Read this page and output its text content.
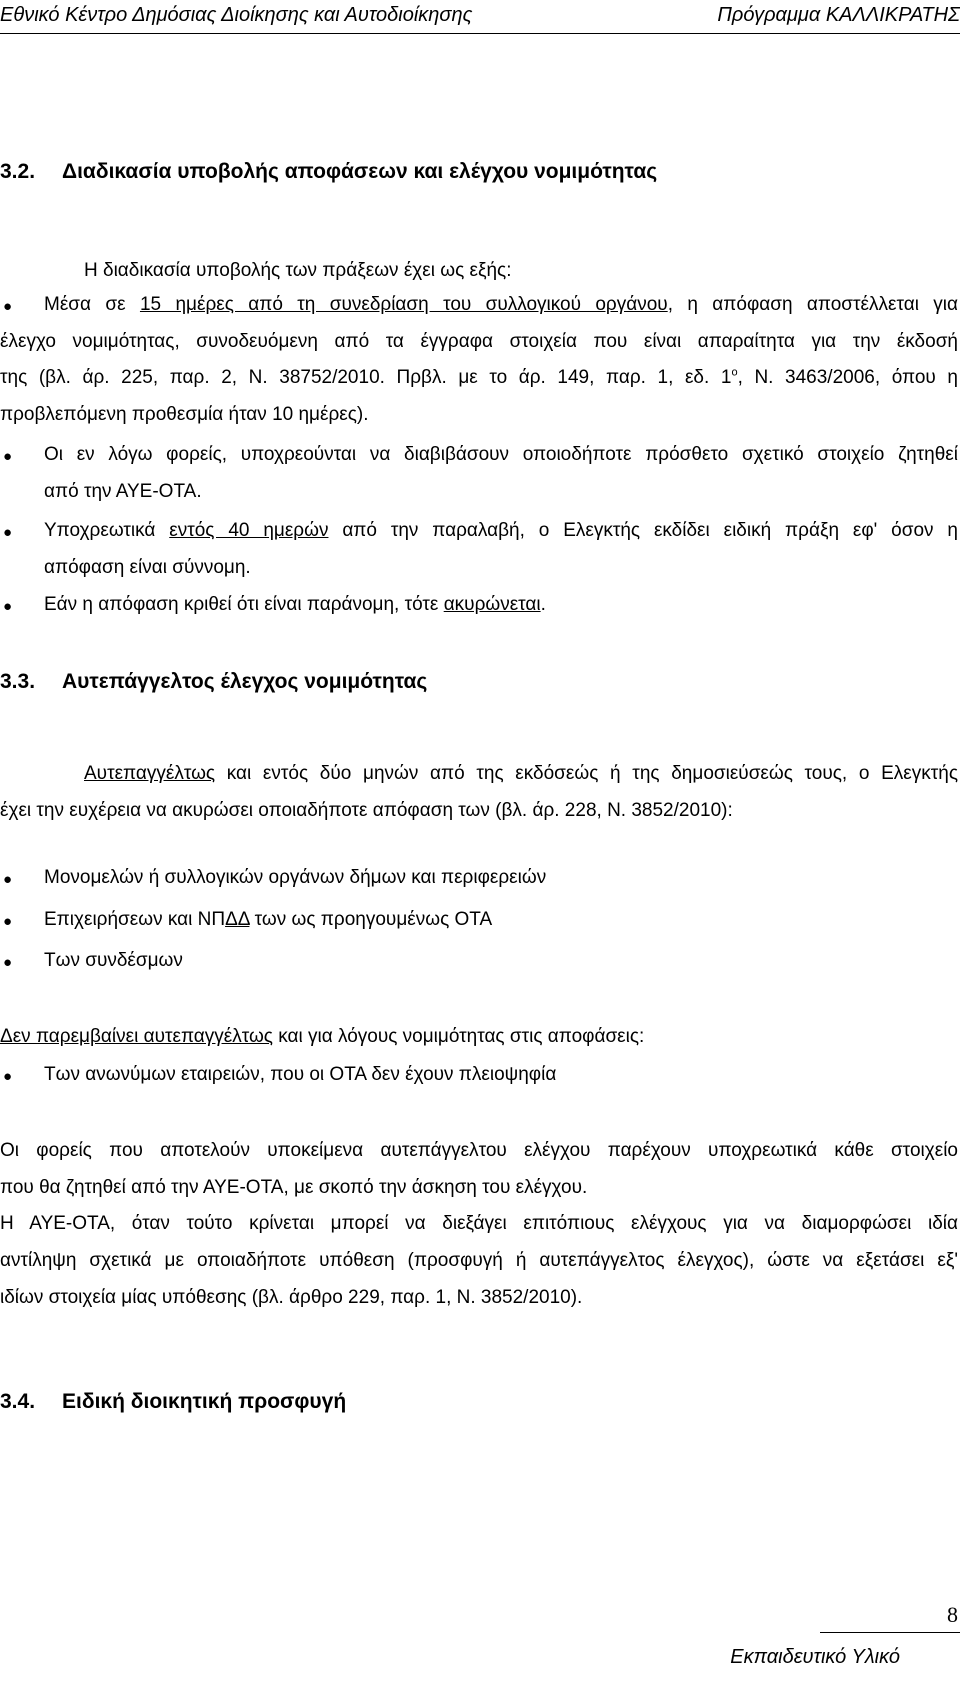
Εθνικό Κέντρο Δημόσιας Διοίκησης και Αυτοδιοίκησης	Πρόγραμμα ΚΑΛΛΙΚΡΑΤΗΣ
3.2. Διαδικασία υποβολής αποφάσεων και ελέγχου νομιμότητας
Η διαδικασία υποβολής των πράξεων έχει ως εξής:
● Μέσα σε 15 ημέρες από τη συνεδρίαση του συλλογικού οργάνου, η απόφαση αποστέλλεται για
έλεγχο νομιμότητας, συνοδευόμενη από τα έγγραφα στοιχεία που είναι απαραίτητα για την έκδοσή
της (βλ. άρ. 225, παρ. 2, Ν. 38752/2010. Πρβλ. με το άρ. 149, παρ. 1, εδ. $1^o$, Ν. 3463/2006, όπου η
προβλεπόμενη προθεσμία ήταν 10 ημέρες).
● Οι εν λόγω φορείς, υποχρεούνται να διαβιβάσουν οποιοδήποτε πρόσθετο σχετικό στοιχείο ζητηθεί
από την ΑΥΕ-ΟΤΑ.
● Υποχρεωτικά εντός 40 ημερών από την παραλαβή, ο Ελεγκτής εκδίδει ειδική πράξη εφ' όσον η
απόφαση είναι σύννομη.
● Εάν η απόφαση κριθεί ότι είναι παράνομη, τότε ακυρώνεται.
3.3. Αυτεπάγγελτος έλεγχος νομιμότητας
Αυτεπαγγέλτως και εντός δύο μηνών από της εκδόσεώς ή της δημοσιεύσεώς τους, ο Ελεγκτής
έχει την ευχέρεια να ακυρώσει οποιαδήποτε απόφαση των (βλ. άρ. 228, Ν. 3852/2010):
● Μονομελών ή συλλογικών οργάνων δήμων και περιφερειών
● Επιχειρήσεων και ΝΠΔΔ των ως προηγουμένως ΟΤΑ
● Των συνδέσμων
Δεν παρεμβαίνει αυτεπαγγέλτως και για λόγους νομιμότητας στις αποφάσεις:
● Των ανωνύμων εταιρειών, που οι ΟΤΑ δεν έχουν πλειοψηφία
Οι φορείς που αποτελούν υποκείμενα αυτεπάγγελτου ελέγχου παρέχουν υποχρεωτικά κάθε στοιχείο
που θα ζητηθεί από την ΑΥΕ-ΟΤΑ, με σκοπό την άσκηση του ελέγχου.
Η ΑΥΕ-ΟΤΑ, όταν τούτο κρίνεται μπορεί να διεξάγει επιτόπιους ελέγχους για να διαμορφώσει ιδία
αντίληψη σχετικά με οποιαδήποτε υπόθεση (προσφυγή ή αυτεπάγγελτος έλεγχος), ώστε να εξετάσει εξ'
ιδίων στοιχεία μίας υπόθεσης (βλ. άρθρο 229, παρ. 1, Ν. 3852/2010).
3.4. Ειδική διοικητική προσφυγή
8
Εκπαιδευτικό Υλικό
